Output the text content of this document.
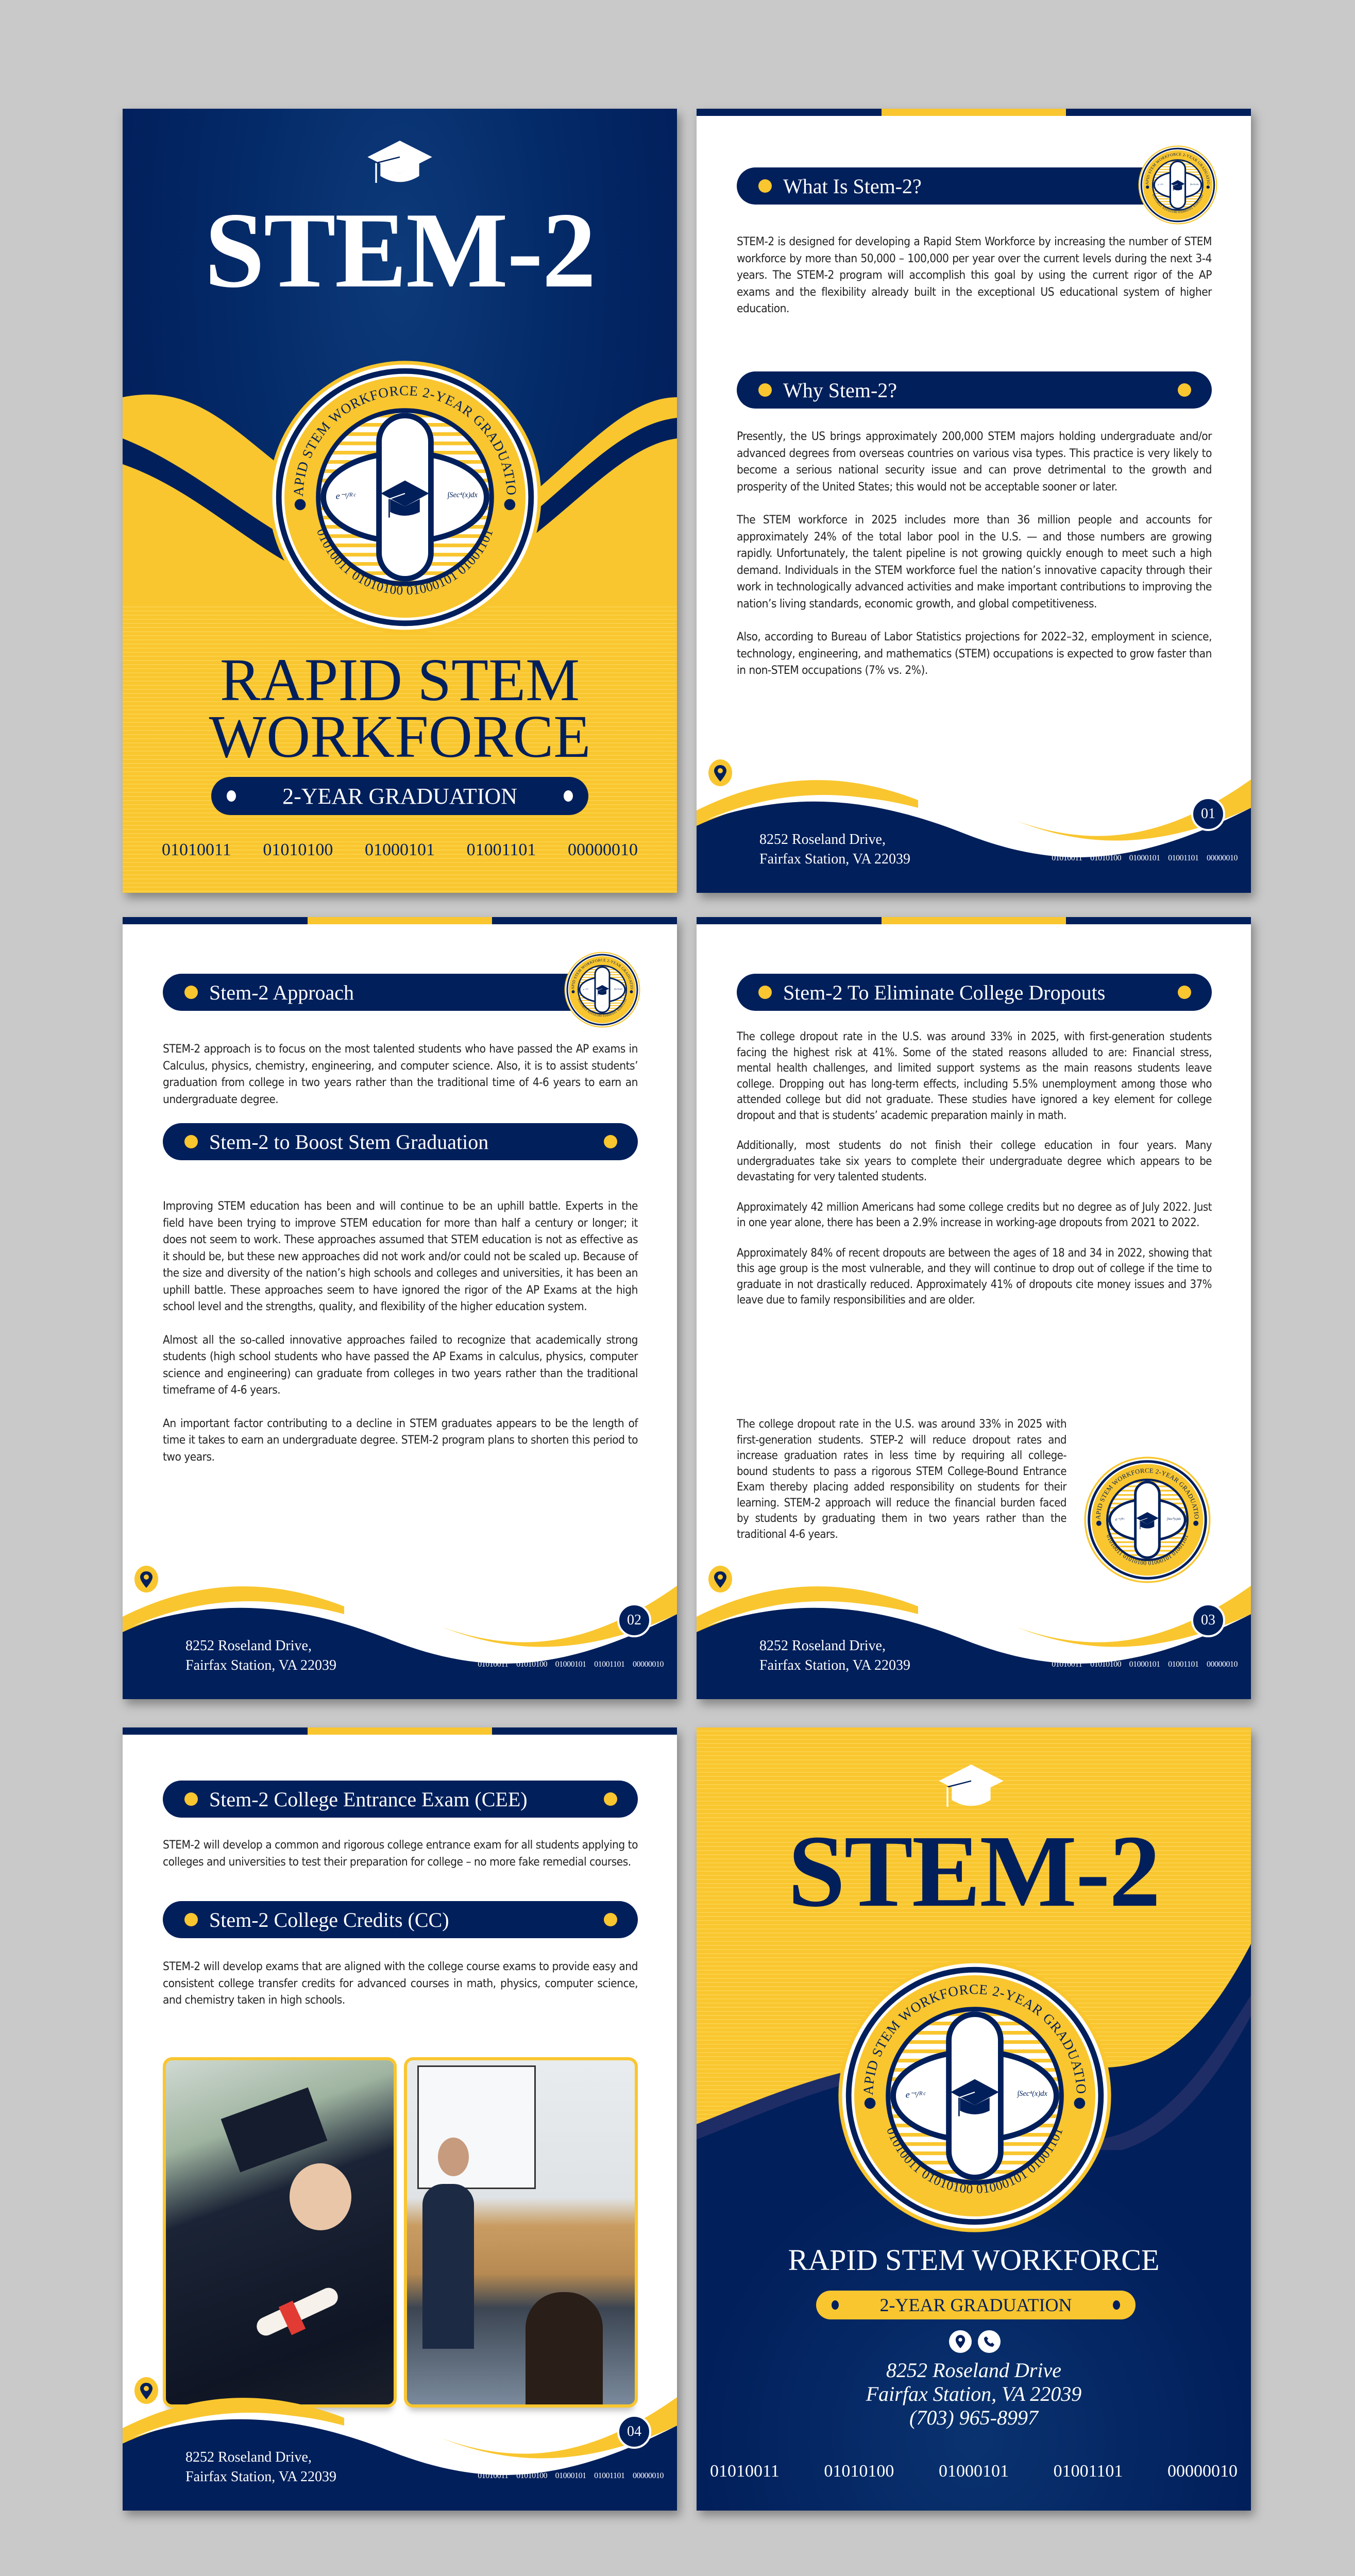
STEM-2
RAPID STEM
WORKFORCE
2-YEAR GRADUATION
01010011 01010100 01000101 01001101 00000010
What Is Stem-2?

STEM-2 is designed for developing a Rapid Stem Workforce by increasing the number of STEM workforce by more than 50,000 – 100,000 per year over the current levels during the next 3-4 years. The STEM-2 program will accomplish this goal by using the current rigor of the AP exams and the flexibility already built in the exceptional US educational system of higher education.

Why Stem-2?

Presently, the US brings approximately 200,000 STEM majors holding undergraduate and/or advanced degrees from overseas countries on various visa types. This practice is very likely to become a serious national security issue and can prove detrimental to the growth and prosperity of the United States; this would not be acceptable sooner or later.

The STEM workforce in 2025 includes more than 36 million people and accounts for approximately 24% of the total labor pool in the U.S. — and those numbers are growing rapidly. Unfortunately, the talent pipeline is not growing quickly enough to meet such a high demand. Individuals in the STEM workforce fuel the nation’s innovative capacity through their work in technologically advanced activities and make important contributions to improving the nation’s living standards, economic growth, and global competitiveness.

Also, according to Bureau of Labor Statistics projections for 2022–32, employment in science, technology, engineering, and mathematics (STEM) occupations is expected to grow faster than in non-STEM occupations (7% vs. 2%).

8252 Roseland Drive,
Fairfax Station, VA 22039	01010011 01010100 01000101 01001101 00000010
01
Stem-2 Approach

STEM-2 approach is to focus on the most talented students who have passed the AP exams in Calculus, physics, chemistry, engineering, and computer science. Also, it is to assist students’ graduation from college in two years rather than the traditional time of 4-6 years to earn an undergraduate degree.

Stem-2 to Boost Stem Graduation

Improving STEM education has been and will continue to be an uphill battle. Experts in the field have been trying to improve STEM education for more than half a century or longer; it does not seem to work. These approaches assumed that STEM education is not as effective as it should be, but these new approaches did not work and/or could not be scaled up. Because of the size and diversity of the nation’s high schools and colleges and universities, it has been an uphill battle. These approaches seem to have ignored the rigor of the AP Exams at the high school level and the strengths, quality, and flexibility of the higher education system.

Almost all the so-called innovative approaches failed to recognize that academically strong students (high school students who have passed the AP Exams in calculus, physics, computer science and engineering) can graduate from colleges in two years rather than the traditional timeframe of 4-6 years.

An important factor contributing to a decline in STEM graduates appears to be the length of time it takes to earn an undergraduate degree. STEM-2 program plans to shorten this period to two years.

8252 Roseland Drive,
Fairfax Station, VA 22039	01010011 01010100 01000101 01001101 00000010
02
Stem-2 To Eliminate College Dropouts

The college dropout rate in the U.S. was around 33% in 2025, with first-generation students facing the highest risk at 41%. Some of the stated reasons alluded to are: Financial stress, mental health challenges, and limited support systems as the main reasons students leave college. Dropping out has long-term effects, including 5.5% unemployment among those who attended college but did not graduate. These studies have ignored a key element for college dropout and that is students’ academic preparation mainly in math.

Additionally, most students do not finish their college education in four years. Many undergraduates take six years to complete their undergraduate degree which appears to be devastating for very talented students.

Approximately 42 million Americans had some college credits but no degree as of July 2022. Just in one year alone, there has been a 2.9% increase in working-age dropouts from 2021 to 2022.

Approximately 84% of recent dropouts are between the ages of 18 and 34 in 2022, showing that this age group is the most vulnerable, and they will continue to drop out of college if the time to graduate in not drastically reduced. Approximately 41% of dropouts cite money issues and 37% leave due to family responsibilities and are older.

The college dropout rate in the U.S. was around 33% in 2025 with first-generation students. STEP-2 will reduce dropout rates and increase graduation rates in less time by requiring all college-bound students to pass a rigorous STEM College-Bound Entrance Exam thereby placing added responsibility on students for their learning. STEM-2 approach will reduce the financial burden faced by students by graduating them in two years rather than the traditional 4-6 years.

8252 Roseland Drive,
Fairfax Station, VA 22039	01010011 01010100 01000101 01001101 00000010
03
Stem-2 College Entrance Exam (CEE)

STEM-2 will develop a common and rigorous college entrance exam for all students applying to colleges and universities to test their preparation for college – no more fake remedial courses.

Stem-2 College Credits (CC)

STEM-2 will develop exams that are aligned with the college course exams to provide easy and consistent college transfer credits for advanced courses in math, physics, computer science, and chemistry taken in high schools.

8252 Roseland Drive,
Fairfax Station, VA 22039	01010011 01010100 01000101 01001101 00000010
04
STEM-2
RAPID STEM WORKFORCE
2-YEAR GRADUATION
8252 Roseland Drive
Fairfax Station, VA 22039
(703) 965-8997
01010011	01010100	01000101	01001101	00000010
